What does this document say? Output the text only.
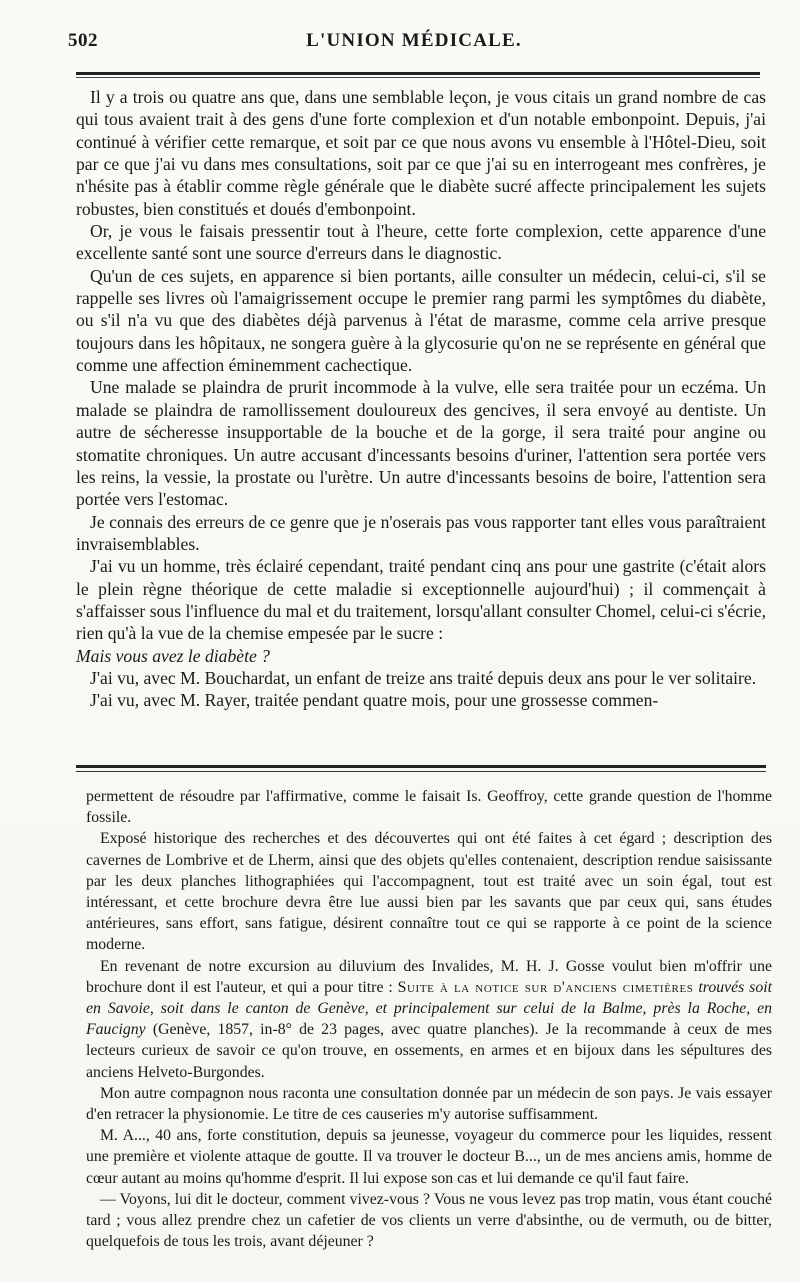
502	L'UNION MÉDICALE.

Il y a trois ou quatre ans que, dans une semblable leçon, je vous citais un grand nombre de cas qui tous avaient trait à des gens d'une forte complexion et d'un notable embonpoint. Depuis, j'ai continué à vérifier cette remarque, et soit par ce que nous avons vu ensemble à l'Hôtel-Dieu, soit par ce que j'ai vu dans mes consultations, soit par ce que j'ai su en interrogeant mes confrères, je n'hésite pas à établir comme règle générale que le diabète sucré affecte principalement les sujets robustes, bien constitués et doués d'embonpoint.

Or, je vous le faisais pressentir tout à l'heure, cette forte complexion, cette apparence d'une excellente santé sont une source d'erreurs dans le diagnostic.

Qu'un de ces sujets, en apparence si bien portants, aille consulter un médecin, celui-ci, s'il se rappelle ses livres où l'amaigrissement occupe le premier rang parmi les symptômes du diabète, ou s'il n'a vu que des diabètes déjà parvenus à l'état de marasme, comme cela arrive presque toujours dans les hôpitaux, ne songera guère à la glycosurie qu'on ne se représente en général que comme une affection éminemment cachectique.

Une malade se plaindra de prurit incommode à la vulve, elle sera traitée pour un eczéma. Un malade se plaindra de ramollissement douloureux des gencives, il sera envoyé au dentiste. Un autre de sécheresse insupportable de la bouche et de la gorge, il sera traité pour angine ou stomatite chroniques. Un autre accusant d'incessants besoins d'uriner, l'attention sera portée vers les reins, la vessie, la prostate ou l'urètre. Un autre d'incessants besoins de boire, l'attention sera portée vers l'estomac.

Je connais des erreurs de ce genre que je n'oserais pas vous rapporter tant elles vous paraîtraient invraisemblables.

J'ai vu un homme, très éclairé cependant, traité pendant cinq ans pour une gastrite (c'était alors le plein règne théorique de cette maladie si exceptionnelle aujourd'hui) ; il commençait à s'affaisser sous l'influence du mal et du traitement, lorsqu'allant consulter Chomel, celui-ci s'écrie, rien qu'à la vue de la chemise empesée par le sucre :

Mais vous avez le diabète ?

J'ai vu, avec M. Bouchardat, un enfant de treize ans traité depuis deux ans pour le ver solitaire.

J'ai vu, avec M. Rayer, traitée pendant quatre mois, pour une grossesse commen-

permettent de résoudre par l'affirmative, comme le faisait Is. Geoffroy, cette grande question de l'homme fossile.

Exposé historique des recherches et des découvertes qui ont été faites à cet égard ; description des cavernes de Lombrive et de Lherm, ainsi que des objets qu'elles contenaient, description rendue saisissante par les deux planches lithographiées qui l'accompagnent, tout est traité avec un soin égal, tout est intéressant, et cette brochure devra être lue aussi bien par les savants que par ceux qui, sans études antérieures, sans effort, sans fatigue, désirent connaître tout ce qui se rapporte à ce point de la science moderne.

En revenant de notre excursion au diluvium des Invalides, M. H. J. Gosse voulut bien m'offrir une brochure dont il est l'auteur, et qui a pour titre : Suite à la notice sur d'anciens cimetières trouvés soit en Savoie, soit dans le canton de Genève, et principalement sur celui de la Balme, près la Roche, en Faucigny (Genève, 1857, in-8° de 23 pages, avec quatre planches). Je la recommande à ceux de mes lecteurs curieux de savoir ce qu'on trouve, en ossements, en armes et en bijoux dans les sépultures des anciens Helveto-Burgondes.

Mon autre compagnon nous raconta une consultation donnée par un médecin de son pays. Je vais essayer d'en retracer la physionomie. Le titre de ces causeries m'y autorise suffisamment.

M. A..., 40 ans, forte constitution, depuis sa jeunesse, voyageur du commerce pour les liquides, ressent une première et violente attaque de goutte. Il va trouver le docteur B..., un de mes anciens amis, homme de cœur autant au moins qu'homme d'esprit. Il lui expose son cas et lui demande ce qu'il faut faire.

— Voyons, lui dit le docteur, comment vivez-vous ? Vous ne vous levez pas trop matin, vous étant couché tard ; vous allez prendre chez un cafetier de vos clients un verre d'absinthe, ou de vermuth, ou de bitter, quelquefois de tous les trois, avant déjeuner ?
